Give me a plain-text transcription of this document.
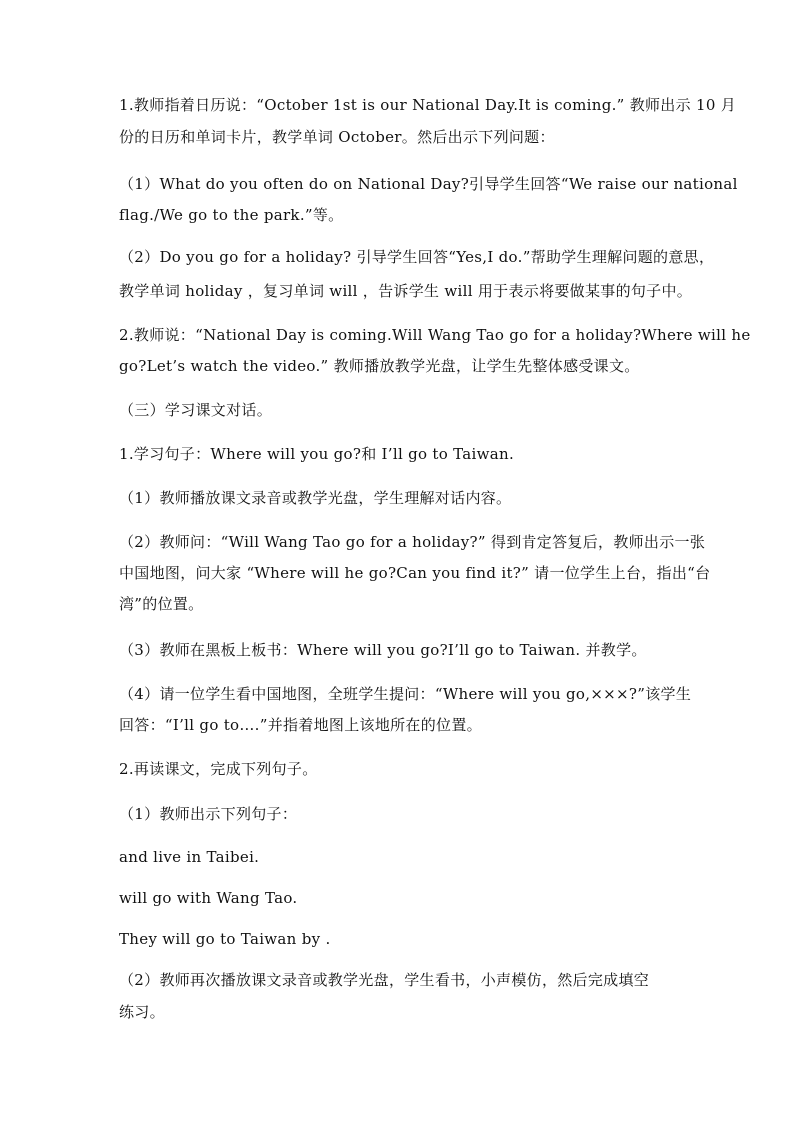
1.教师指着日历说：“October 1st is our National Day.It is coming.” 教师出示 10 月
份的日历和单词卡片，教学单词 October。然后出示下列问题：
（1）What do you often do on National Day?引导学生回答“We raise our national
flag./We go to the park.”等。
（2）Do you go for a holiday? 引导学生回答“Yes,I do.”帮助学生理解问题的意思，
教学单词 holiday ，复习单词 will ，告诉学生 will 用于表示将要做某事的句子中。
2.教师说：“National Day is coming.Will Wang Tao go for a holiday?Where will he
go?Let’s watch the video.” 教师播放教学光盘，让学生先整体感受课文。
（三）学习课文对话。
1.学习句子：Where will you go?和 I’ll go to Taiwan.
（1）教师播放课文录音或教学光盘，学生理解对话内容。
（2）教师问：“Will Wang Tao go for a holiday?” 得到肯定答复后，教师出示一张
中国地图，问大家 “Where will he go?Can you find it?” 请一位学生上台，指出“台
湾”的位置。
（3）教师在黑板上板书：Where will you go?I’ll go to Taiwan. 并教学。
（4）请一位学生看中国地图，全班学生提问：“Where will you go,×××?”该学生
回答：“I’ll go to….”并指着地图上该地所在的位置。
2.再读课文，完成下列句子。
（1）教师出示下列句子：
and live in Taibei.
will go with Wang Tao.
They will go to Taiwan by .
（2）教师再次播放课文录音或教学光盘，学生看书，小声模仿，然后完成填空
练习。
